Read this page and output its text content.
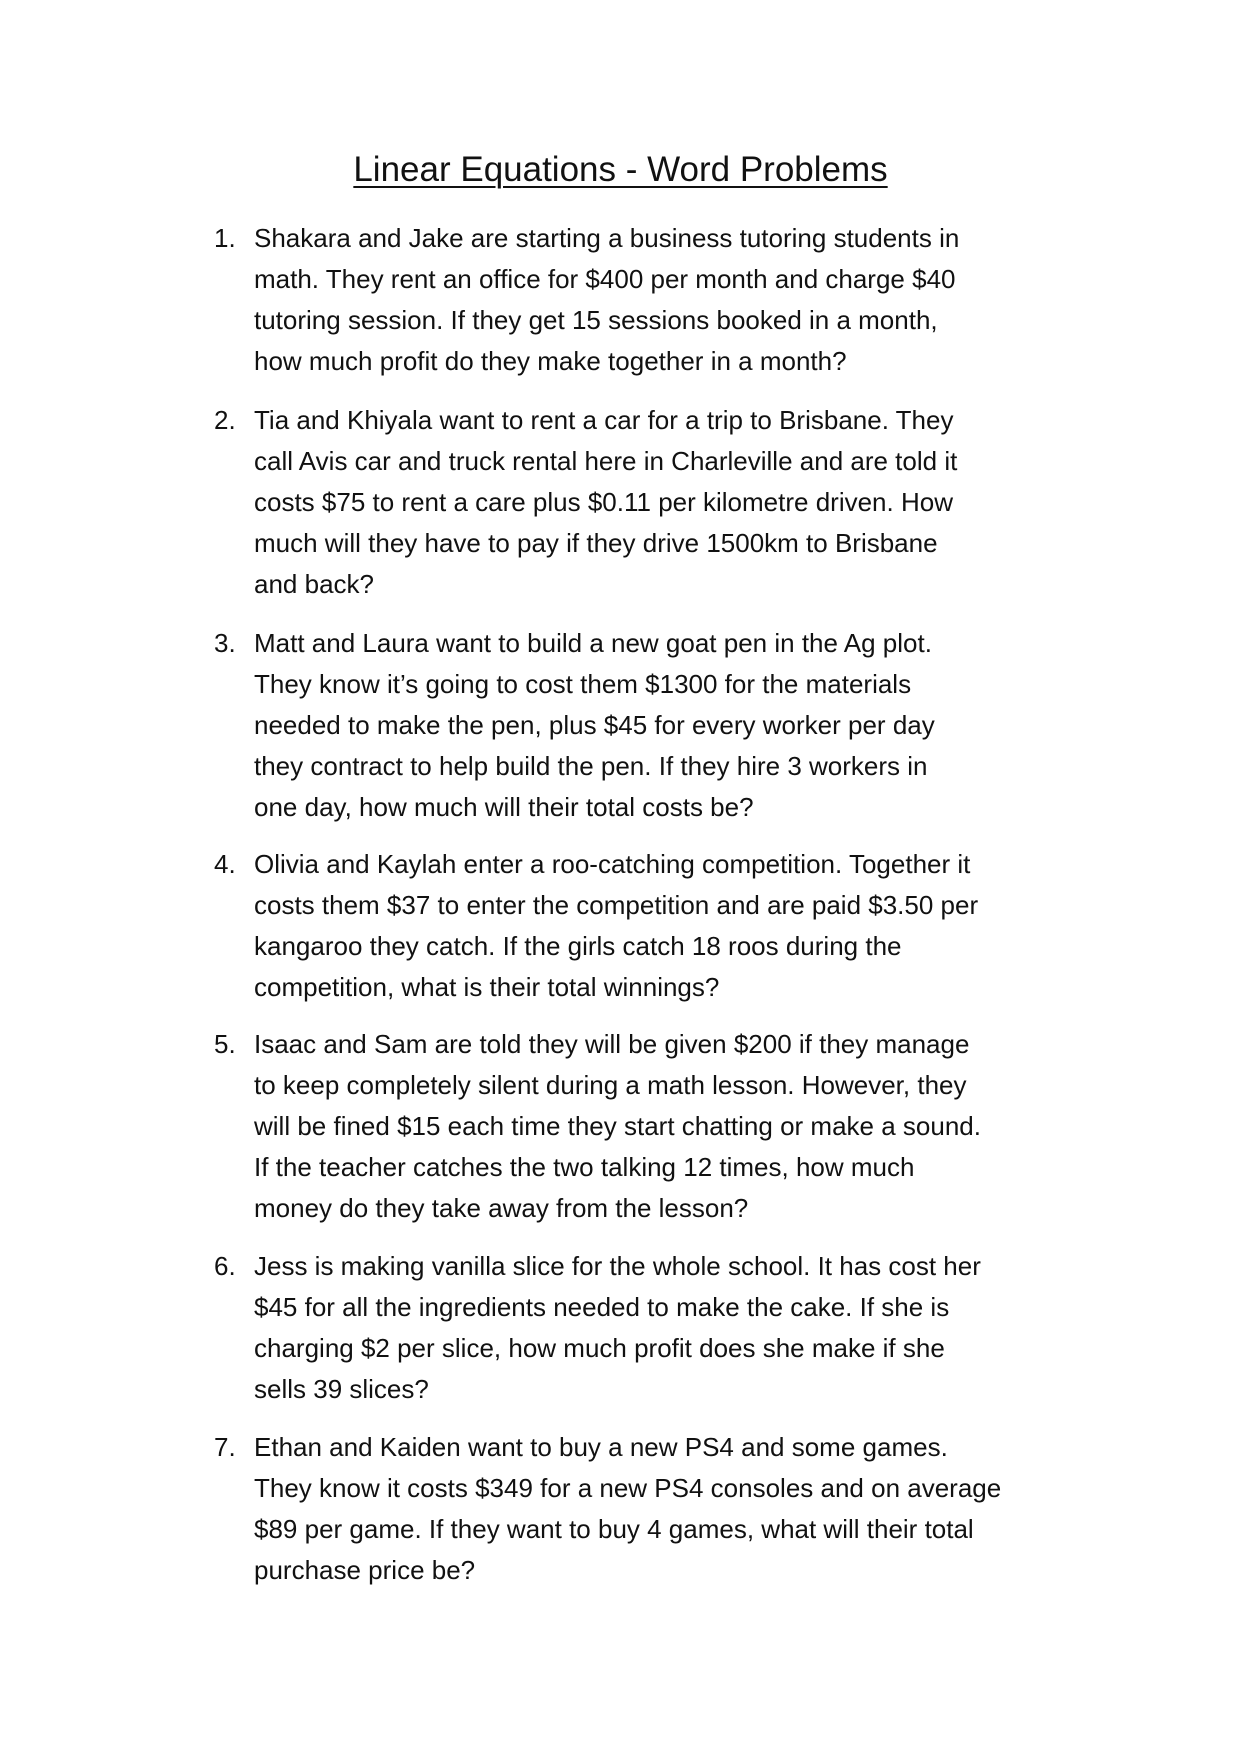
Linear Equations - Word Problems
1. Shakara and Jake are starting a business tutoring students in
math. They rent an office for $400 per month and charge $40
tutoring session. If they get 15 sessions booked in a month,
how much profit do they make together in a month?
2. Tia and Khiyala want to rent a car for a trip to Brisbane. They
call Avis car and truck rental here in Charleville and are told it
costs $75 to rent a care plus $0.11 per kilometre driven. How
much will they have to pay if they drive 1500km to Brisbane
and back?
3. Matt and Laura want to build a new goat pen in the Ag plot.
They know it’s going to cost them $1300 for the materials
needed to make the pen, plus $45 for every worker per day
they contract to help build the pen. If they hire 3 workers in
one day, how much will their total costs be?
4. Olivia and Kaylah enter a roo-catching competition. Together it
costs them $37 to enter the competition and are paid $3.50 per
kangaroo they catch. If the girls catch 18 roos during the
competition, what is their total winnings?
5. Isaac and Sam are told they will be given $200 if they manage
to keep completely silent during a math lesson. However, they
will be fined $15 each time they start chatting or make a sound.
If the teacher catches the two talking 12 times, how much
money do they take away from the lesson?
6. Jess is making vanilla slice for the whole school. It has cost her
$45 for all the ingredients needed to make the cake. If she is
charging $2 per slice, how much profit does she make if she
sells 39 slices?
7. Ethan and Kaiden want to buy a new PS4 and some games.
They know it costs $349 for a new PS4 consoles and on average
$89 per game. If they want to buy 4 games, what will their total
purchase price be?
